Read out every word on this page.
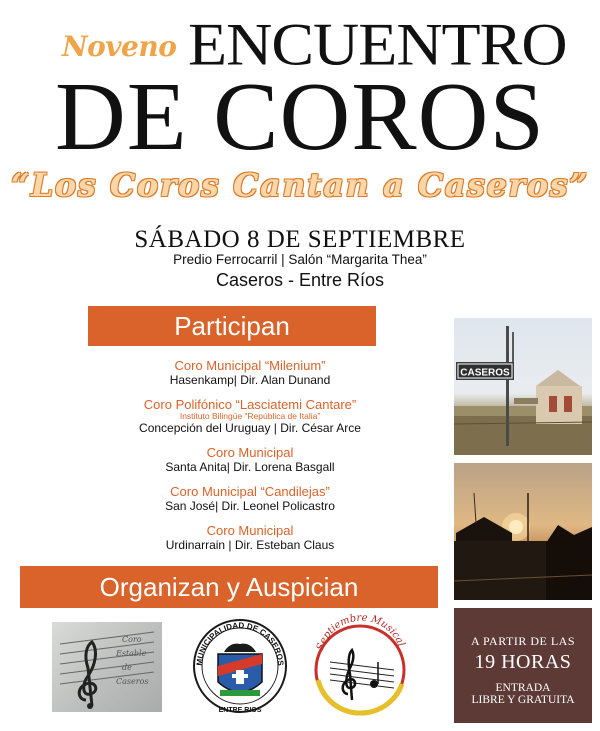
Noveno ENCUENTRO
DE COROS
“Los Coros Cantan a Caseros”
SÁBADO 8 DE SEPTIEMBRE
Predio Ferrocarril | Salón “Margarita Thea”
Caseros - Entre Ríos
Participan
Coro Municipal “Milenium”
Hasenkamp| Dir. Alan Dunand
Coro Polifónico “Lasciatemi Cantare”
Instituto Bilingüe “República de Italia”
Concepción del Uruguay | Dir. César Arce
Coro Municipal
Santa Anita| Dir. Lorena Basgall
Coro Municipal “Candilejas”
San José| Dir. Leonel Policastro
Coro Municipal
Urdinarrain | Dir. Esteban Claus
Organizan y Auspician
CASEROS
A PARTIR DE LAS
19 HORAS
ENTRADA
LIBRE Y GRATUITA
Coro
Estable
de
Caseros
MUNICIPALIDAD DE CASEROS
ENTRE RIOS
Septiembre Musical
